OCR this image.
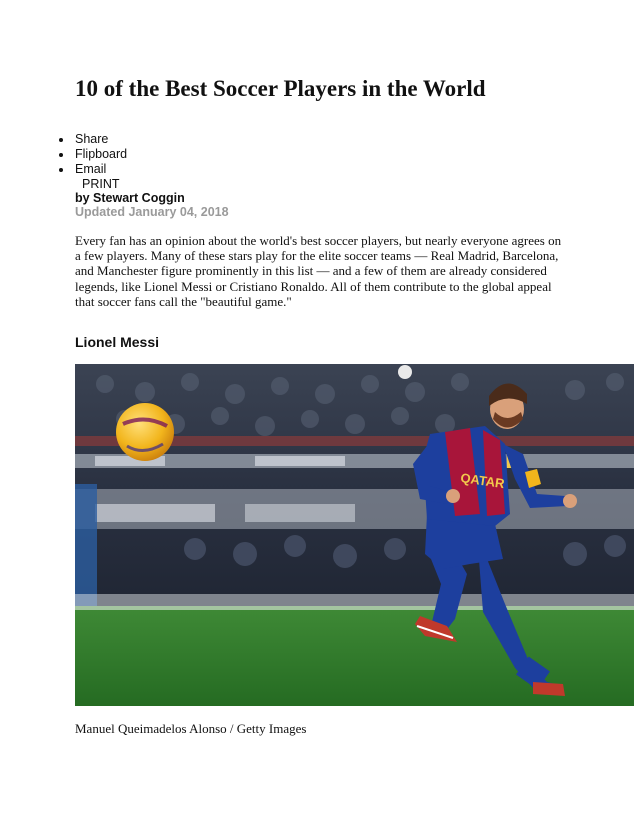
10 of the Best Soccer Players in the World
Share
Flipboard
Email
PRINT
by Stewart Coggin
Updated January 04, 2018

Every fan has an opinion about the world's best soccer players, but nearly everyone agrees on a few players. Many of these stars play for the elite soccer teams — Real Madrid, Barcelona, and Manchester figure prominently in this list — and a few of them are already considered legends, like Lionel Messi or Cristiano Ronaldo. All of them contribute to the global appeal that soccer fans call the "beautiful game."

Lionel Messi
QATAR
Manuel Queimadelos Alonso / Getty Images
